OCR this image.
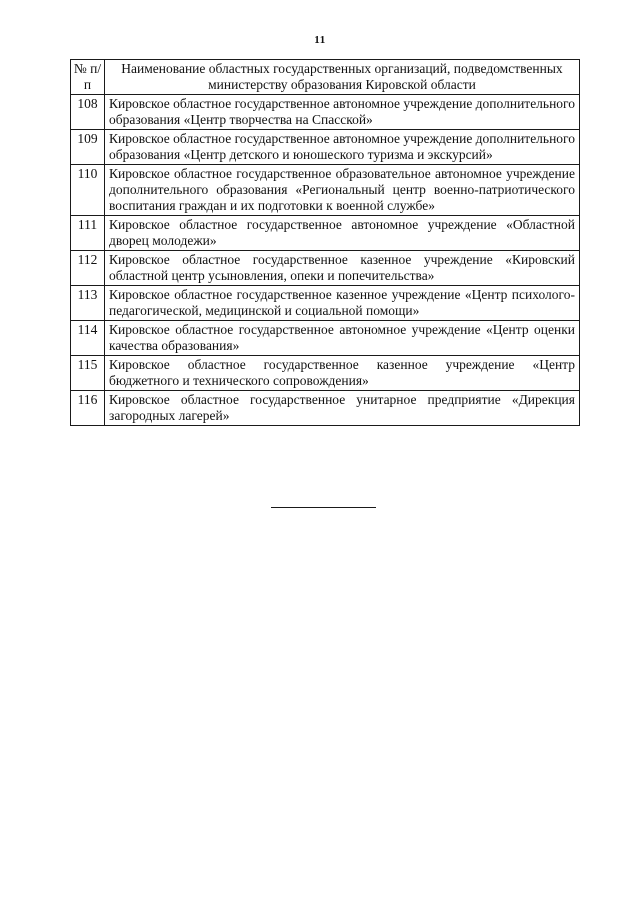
11
№ п/п	Наименование областных государственных организаций, подведомственных министерству образования Кировской области
108	Кировское областное государственное автономное учреждение дополнительного образования «Центр творчества на Спасской»
109	Кировское областное государственное автономное учреждение дополнительного образования «Центр детского и юношеского туризма и экскурсий»
110	Кировское областное государственное образовательное автономное учреждение дополнительного образования «Региональный центр военно-патриотического воспитания граждан и их подготовки к военной службе»
111	Кировское областное государственное автономное учреждение «Областной дворец молодежи»
112	Кировское областное государственное казенное учреждение «Кировский областной центр усыновления, опеки и попечительства»
113	Кировское областное государственное казенное учреждение «Центр психолого-педагогической, медицинской и социальной помощи»
114	Кировское областное государственное автономное учреждение «Центр оценки качества образования»
115	Кировское областное государственное казенное учреждение «Центр бюджетного и технического сопровождения»
116	Кировское областное государственное унитарное предприятие «Дирекция загородных лагерей»
